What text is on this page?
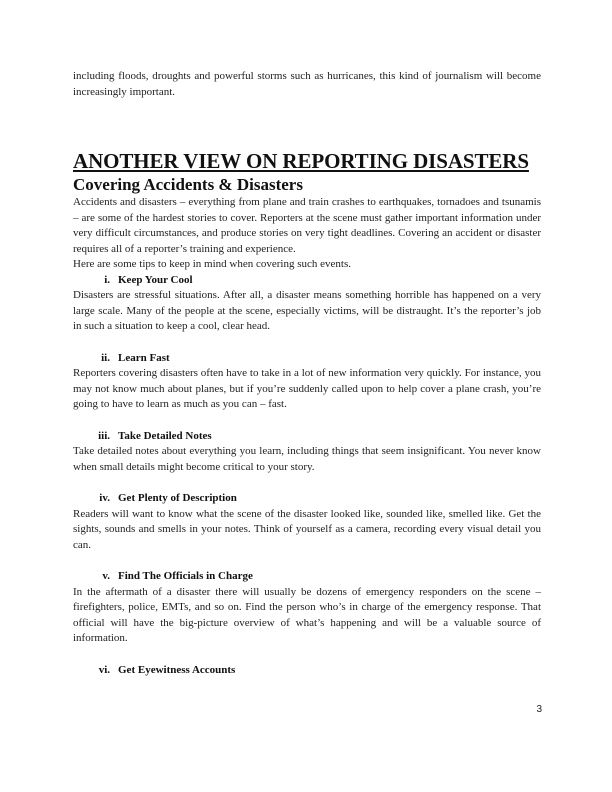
including floods, droughts and powerful storms such as hurricanes, this kind of journalism will become increasingly important.

ANOTHER VIEW ON REPORTING DISASTERS
Covering Accidents & Disasters

Accidents and disasters – everything from plane and train crashes to earthquakes, tornadoes and tsunamis – are some of the hardest stories to cover. Reporters at the scene must gather important information under very difficult circumstances, and produce stories on very tight deadlines. Covering an accident or disaster requires all of a reporter’s training and experience.

Here are some tips to keep in mind when covering such events.

i. Keep Your Cool

Disasters are stressful situations. After all, a disaster means something horrible has happened on a very large scale. Many of the people at the scene, especially victims, will be distraught. It’s the reporter’s job in such a situation to keep a cool, clear head.

ii. Learn Fast

Reporters covering disasters often have to take in a lot of new information very quickly. For instance, you may not know much about planes, but if you’re suddenly called upon to help cover a plane crash, you’re going to have to learn as much as you can – fast.

iii. Take Detailed Notes

Take detailed notes about everything you learn, including things that seem insignificant. You never know when small details might become critical to your story.

iv. Get Plenty of Description

Readers will want to know what the scene of the disaster looked like, sounded like, smelled like. Get the sights, sounds and smells in your notes. Think of yourself as a camera, recording every visual detail you can.

v. Find The Officials in Charge

In the aftermath of a disaster there will usually be dozens of emergency responders on the scene – firefighters, police, EMTs, and so on. Find the person who’s in charge of the emergency response. That official will have the big-picture overview of what’s happening and will be a valuable source of information.

vi. Get Eyewitness Accounts

3
